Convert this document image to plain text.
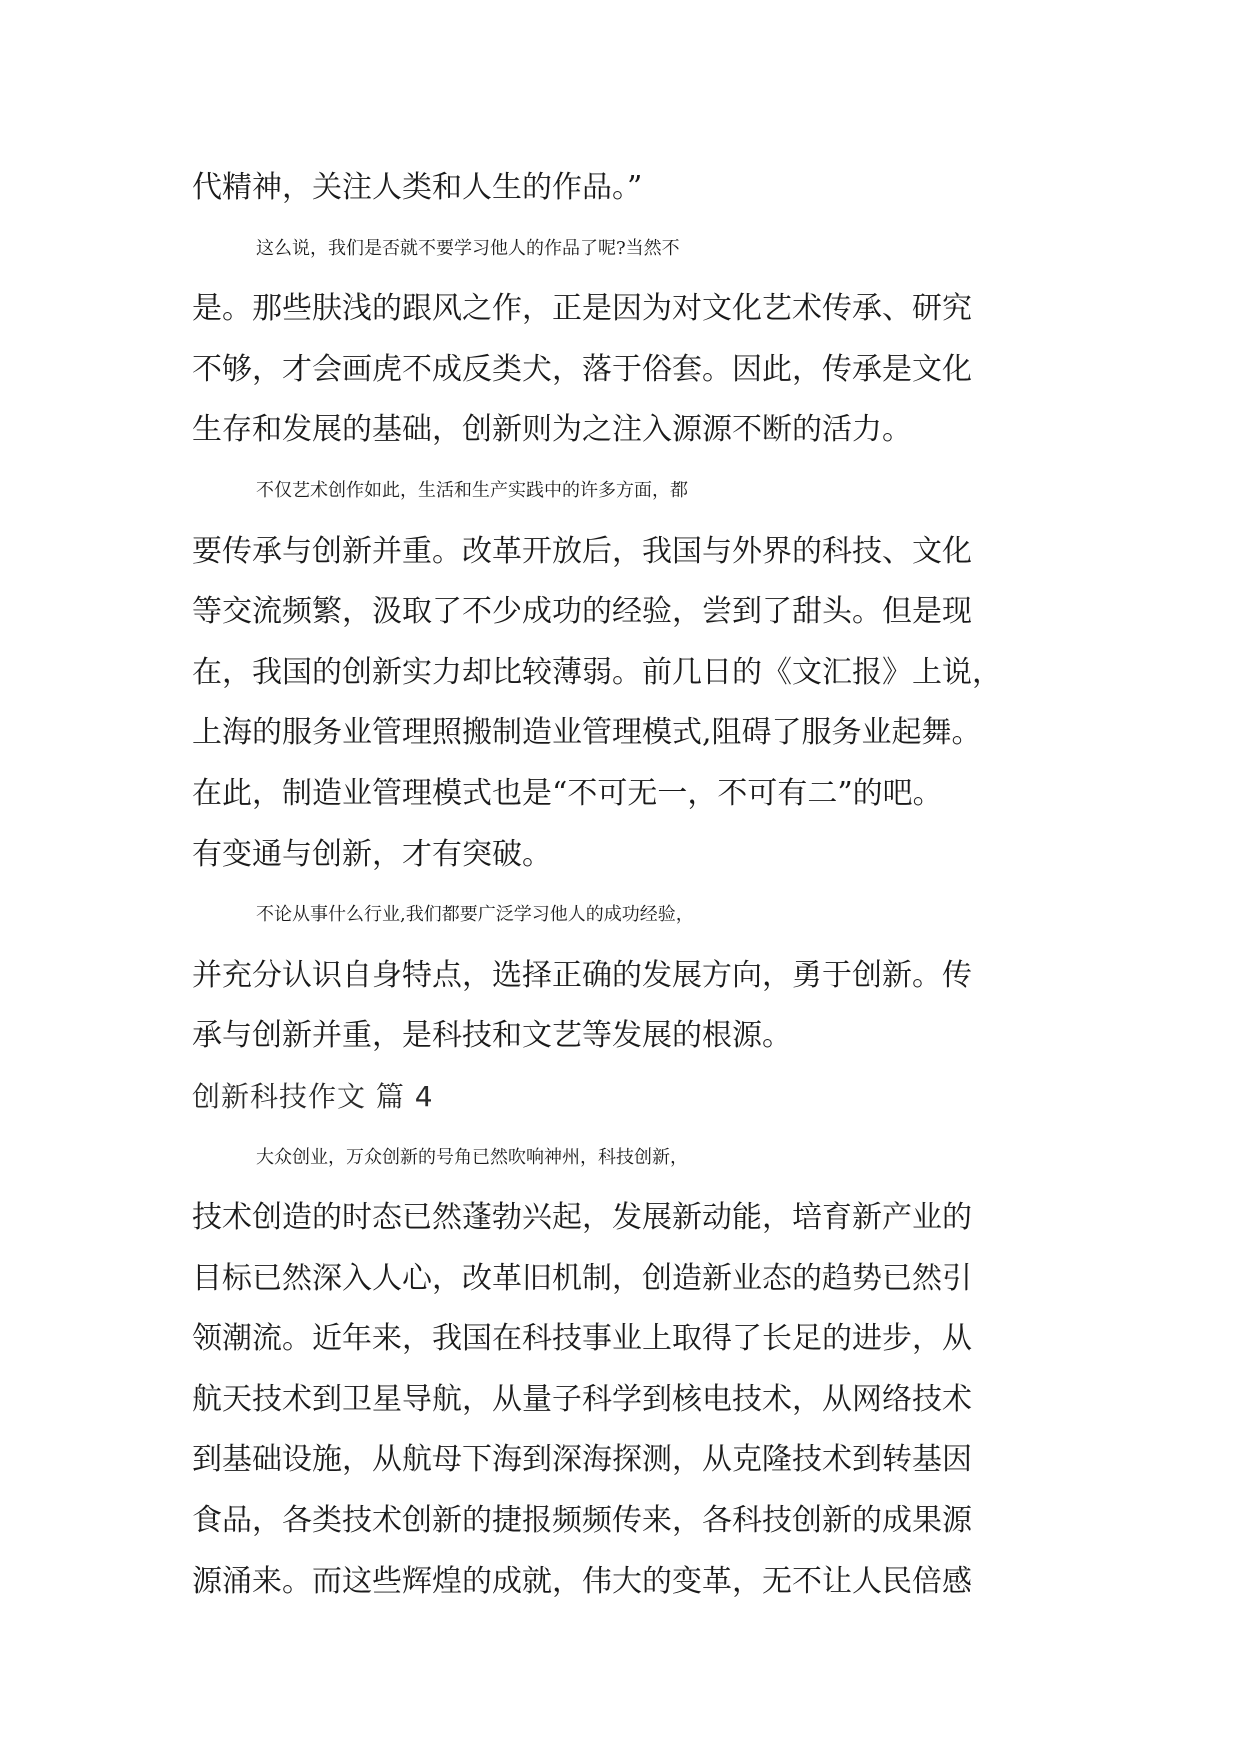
代精神，关注人类和人生的作品。”
这么说，我们是否就不要学习他人的作品了呢?当然不
是。那些肤浅的跟风之作，正是因为对文化艺术传承、研究
不够，才会画虎不成反类犬，落于俗套。因此，传承是文化
生存和发展的基础，创新则为之注入源源不断的活力。
不仅艺术创作如此，生活和生产实践中的许多方面，都
要传承与创新并重。改革开放后，我国与外界的科技、文化
等交流频繁，汲取了不少成功的经验，尝到了甜头。但是现
在，我国的创新实力却比较薄弱。前几日的《文汇报》上说，
上海的服务业管理照搬制造业管理模式,阻碍了服务业起舞。
在此，制造业管理模式也是“不可无一，不可有二”的吧。
有变通与创新，才有突破。
不论从事什么行业,我们都要广泛学习他人的成功经验，
并充分认识自身特点，选择正确的发展方向，勇于创新。传
承与创新并重，是科技和文艺等发展的根源。
创新科技作文 篇 4
大众创业，万众创新的号角已然吹响神州，科技创新，
技术创造的时态已然蓬勃兴起，发展新动能，培育新产业的
目标已然深入人心，改革旧机制，创造新业态的趋势已然引
领潮流。近年来，我国在科技事业上取得了长足的进步，从
航天技术到卫星导航，从量子科学到核电技术，从网络技术
到基础设施，从航母下海到深海探测，从克隆技术到转基因
食品，各类技术创新的捷报频频传来，各科技创新的成果源
源涌来。而这些辉煌的成就，伟大的变革，无不让人民倍感
